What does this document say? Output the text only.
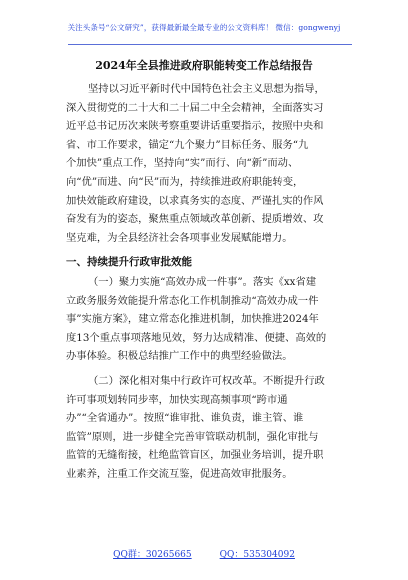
关注头条号“公文研究”，获得最新最全最专业的公文资料库！ 微信：gongwenyj
2024年全县推进政府职能转变工作总结报告
坚持以习近平新时代中国特色社会主义思想为指导，
深入贯彻党的二十大和二十届二中全会精神，全面落实习
近平总书记历次来陕考察重要讲话重要指示，按照中央和
省、市工作要求，锚定“九个聚力”目标任务、服务“九
个加快”重点工作，坚持向“实”而行、向“新”而动、
向“优”而进、向“民”而为，持续推进政府职能转变，
加快效能政府建设，以求真务实的态度、严谨扎实的作风
奋发有为的姿态，聚焦重点领域改革创新、提质增效、攻
坚克难，为全县经济社会各项事业发展赋能增力。
一、持续提升行政审批效能
（一）聚力实施“高效办成一件事”。落实《xx省建
立政务服务效能提升常态化工作机制推动“高效办成一件
事”实施方案》，建立常态化推进机制，加快推进2024年
度13个重点事项落地见效，努力达成精准、便捷、高效的
办事体验。积极总结推广工作中的典型经验做法。
（二）深化相对集中行政许可权改革。不断提升行政
许可事项划转同步率，加快实现高频事项“跨市通
办”“全省通办”。按照“谁审批、谁负责，谁主管、谁
监管”原则，进一步健全完善审管联动机制，强化审批与
监管的无缝衔接，杜绝监管盲区，加强业务培训，提升职
业素养，注重工作交流互鉴，促进高效审批服务。
QQ群：30265665	QQ：535304092
